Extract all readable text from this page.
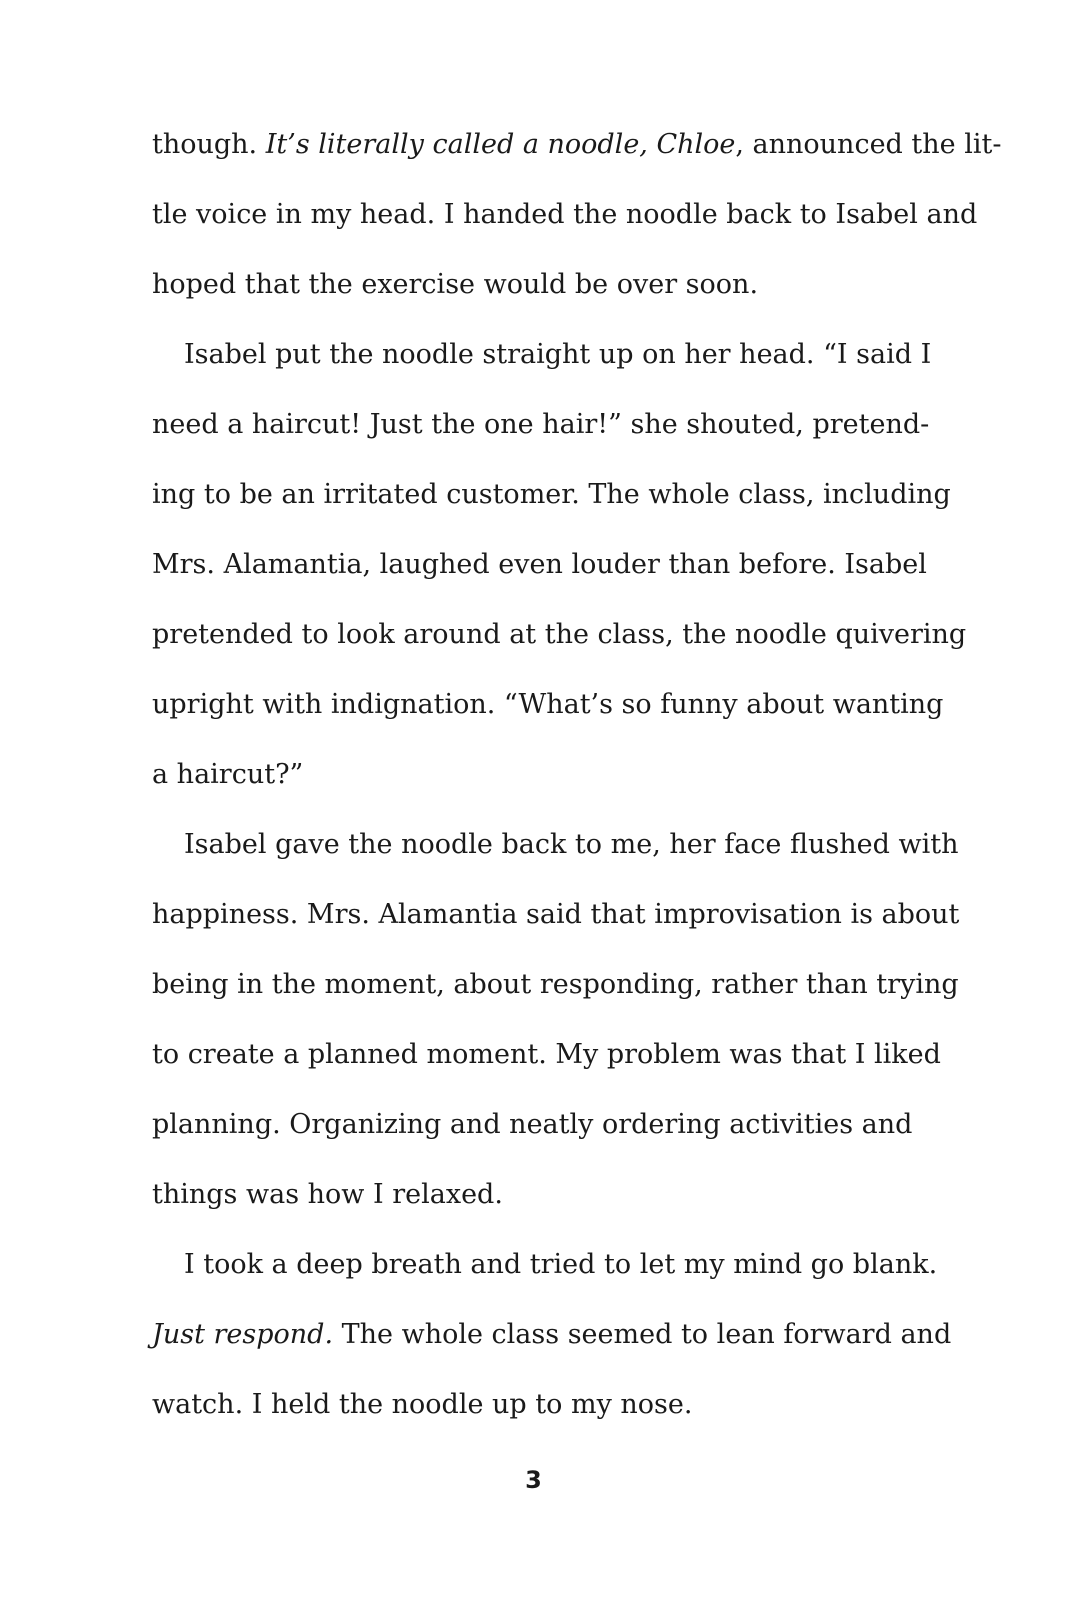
though. It’s literally called a noodle, Chloe, announced the lit-
tle voice in my head. I handed the noodle back to Isabel and
hoped that the exercise would be over soon.
Isabel put the noodle straight up on her head. “I said I
need a haircut! Just the one hair!” she shouted, pretend-
ing to be an irritated customer. The whole class, including
Mrs. Alamantia, laughed even louder than before. Isabel
pretended to look around at the class, the noodle quivering
upright with indignation. “What’s so funny about wanting
a haircut?”
Isabel gave the noodle back to me, her face flushed with
happiness. Mrs. Alamantia said that improvisation is about
being in the moment, about responding, rather than trying
to create a planned moment. My problem was that I liked
planning. Organizing and neatly ordering activities and
things was how I relaxed.
I took a deep breath and tried to let my mind go blank.
Just respond. The whole class seemed to lean forward and
watch. I held the noodle up to my nose.
3
